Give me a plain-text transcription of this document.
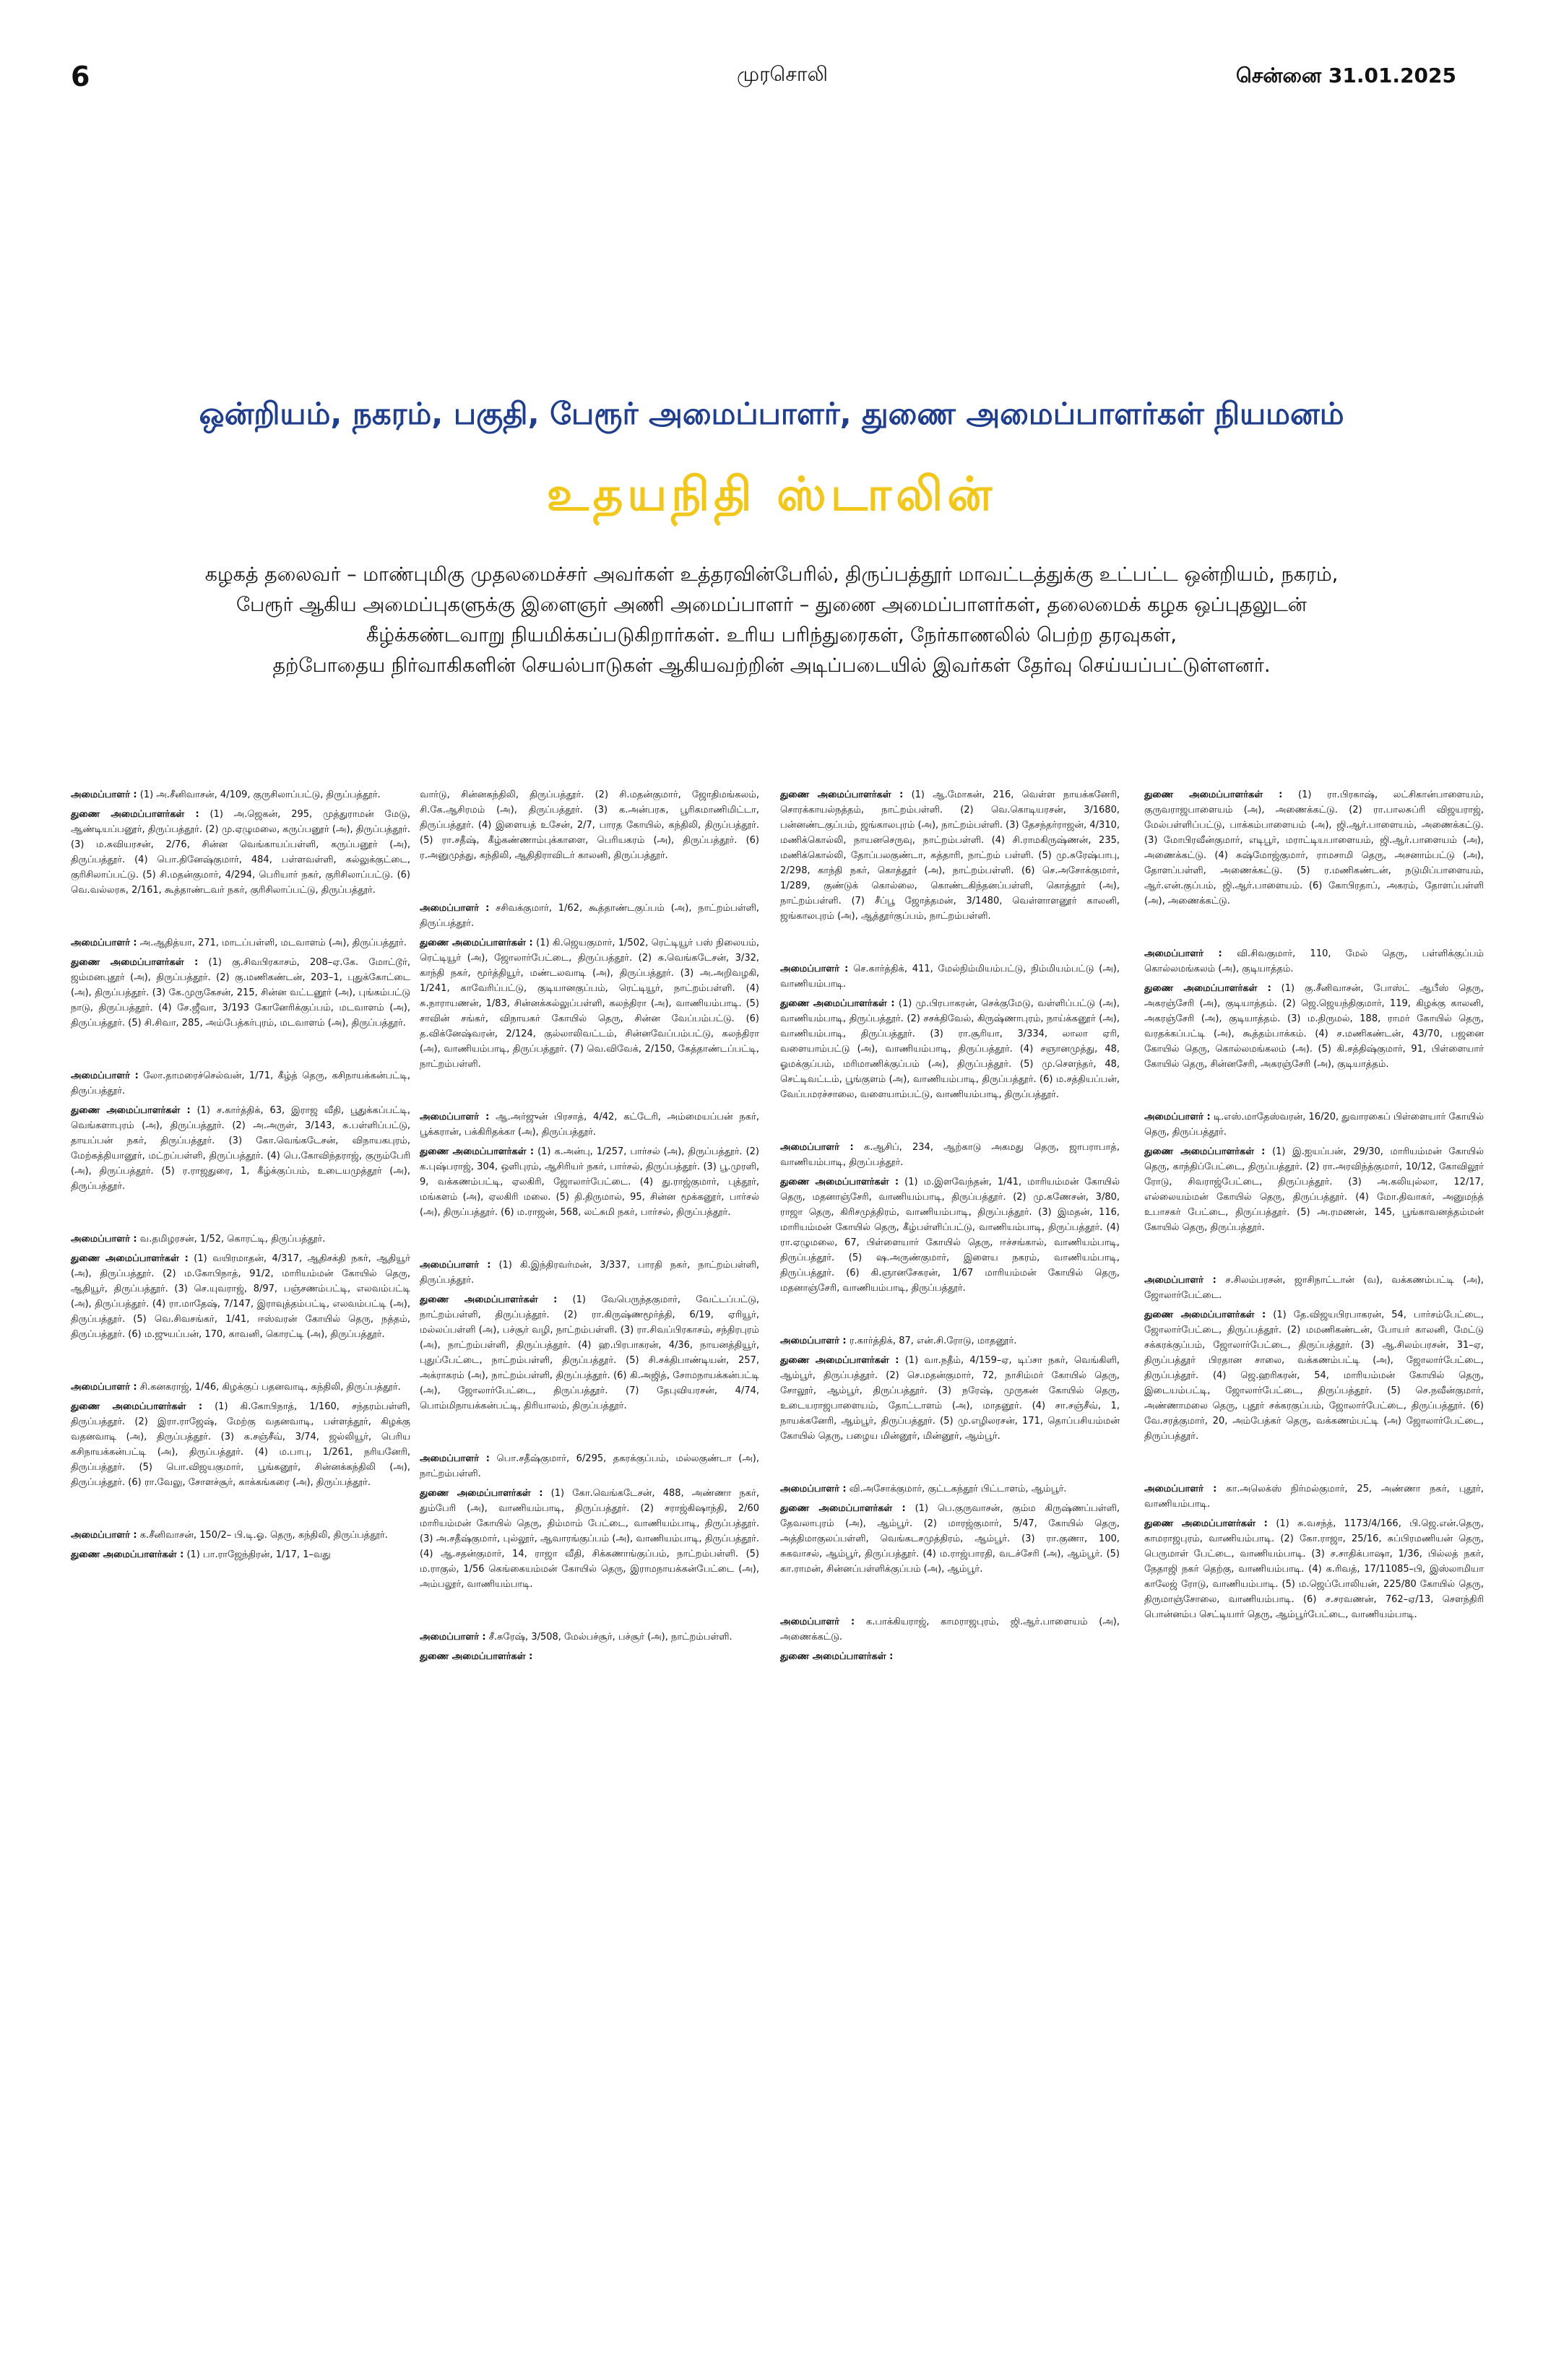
6	முரசொலி	சென்னை 31.01.2025
ஒன்றியம், நகரம், பகுதி, பேரூர் அமைப்பாளர், துணை அமைப்பாளர்கள் நியமனம்
உதயநிதி ஸ்டாலின்
கழகத் தலைவர் – மாண்புமிகு முதலமைச்சர் அவர்கள் உத்தரவின்பேரில், திருப்பத்தூர் மாவட்டத்துக்கு உட்பட்ட ஒன்றியம், நகரம்,
பேரூர் ஆகிய அமைப்புகளுக்கு இளைஞர் அணி அமைப்பாளர் – துணை அமைப்பாளர்கள், தலைமைக் கழக ஒப்புதலுடன்
கீழ்க்கண்டவாறு நியமிக்கப்படுகிறார்கள். உரிய பரிந்துரைகள், நேர்காணலில் பெற்ற தரவுகள்,
தற்போதைய நிர்வாகிகளின் செயல்பாடுகள் ஆகியவற்றின் அடிப்படையில் இவர்கள் தேர்வு செய்யப்பட்டுள்ளனர்.

அமைப்பாளர் : (1) அ.சீனிவாசன், 4/109, குருசிலாப்பட்டு, திருப்பத்தூர்.

துணை அமைப்பாளர்கள் : (1) அ.ஜெகன், 295, முத்துராமன் மேடு, ஆண்டியப்பனூர், திருப்பத்தூர். (2) மு.ஏழுமலை, கருப்பனூர் (அ), திருப்பத்தூர். (3) ம.சுவியரசன், 2/76, சின்ன வெங்காயப்பள்ளி, கருப்பனூர் (அ), திருப்பத்தூர். (4) பொ.தினேஷ்குமார், 484, பள்ளவள்ளி, கல்லுக்குட்டை, குரிசிலாப்பட்டு. (5) சி.மதன்குமார், 4/294, பெரியார் நகர், குரிசிலாப்பட்டு. (6) வெ.வல்லரசு, 2/161, கூத்தாண்டவர் நகர், குரிசிலாப்பட்டு, திருப்பத்தூர்.

அமைப்பாளர் : அ.ஆதித்யா, 271, மாடப்பள்ளி, மடவாளம் (அ), திருப்பத்தூர்.

துணை அமைப்பாளர்கள் : (1) கு.சிவபிரகாசம், 208–ஏ.கே. மோட்டூர், ஜம்மனபுதூர் (அ), திருப்பத்தூர். (2) கு.மணிகண்டன், 203–1, புதுக்கோட்டை (அ), திருப்பத்தூர். (3) கே.முருகேசன், 215, சின்ன வட்டனூர் (அ), புங்கம்பட்டு நாடு, திருப்பத்தூர். (4) சே.ஜீவா, 3/193 கோனேரிக்குப்பம், மடவாளம் (அ), திருப்பத்தூர். (5) சி.சிவா, 285, அம்பேத்கர்புரம், மடவாளம் (அ), திருப்பத்தூர்.

அமைப்பாளர் : லோ.தாமரைச்செல்வன், 1/71, கீழ்த் தெரு, கசிநாயக்கன்பட்டி, திருப்பத்தூர்.

துணை அமைப்பாளர்கள் : (1) ச.கார்த்திக், 63, இராஜ வீதி, பூதுக்கப்பட்டி, வெங்களாபுரம் (அ), திருப்பத்தூர். (2) அ.அருள், 3/143, சு.பள்ளிப்பட்டு, தாயப்பன் நகர், திருப்பத்தூர். (3) கோ.வெங்கடேசன், விநாயகபுரம், மேற்கத்தியானூர், மட்றப்பள்ளி, திருப்பத்தூர். (4) பெ.கோவிந்தராஜ், குரும்பேரி (அ), திருப்பத்தூர். (5) ர.ராஜதுரை, 1, கீழ்க்குப்பம், உடையமுத்தூர் (அ), திருப்பத்தூர்.

அமைப்பாளர் : வ.தமிழரசன், 1/52, கொரட்டி, திருப்பத்தூர்.

துணை அமைப்பாளர்கள் : (1) வயிரமாதன், 4/317, ஆதிசக்தி நகர், ஆதியூர் (அ), திருப்பத்தூர். (2) ம.கோபிநாத், 91/2, மாரியம்மன் கோயில் தெரு, ஆதியூர், திருப்பத்தூர். (3) செ.யுவராஜ், 8/97, பஞ்சணம்பட்டி, எலவம்பட்டி (அ), திருப்பத்தூர். (4) ரா.மாதேஷ், 7/147, இராவுத்தம்பட்டி, எலவம்பட்டி (அ), திருப்பத்தூர். (5) வெ.சிவசங்கர், 1/41, ஈஸ்வரன் கோயில் தெரு, நத்தம், திருப்பத்தூர். (6) ம.ஜுயப்பன், 170, காவனி, கொரட்டி (அ), திருப்பத்தூர்.

அமைப்பாளர் : சி.கனகராஜ், 1/46, கிழக்குப் பதனவாடி, கந்திலி, திருப்பத்தூர்.

துணை அமைப்பாளர்கள் : (1) கி.கோபிநாத், 1/160, சந்தரம்பள்ளி, திருப்பத்தூர். (2) இரா.ராஜேஷ், மேற்கு வதனவாடி, பள்ளத்தூர், கிழக்கு வதனவாடி (அ), திருப்பத்தூர். (3) க.சஞ்சீவ், 3/74, ஜல்லியூர், பெரிய கசிநாயக்கன்பட்டி (அ), திருப்பத்தூர். (4) ம.பாபு, 1/261, நரியனேரி, திருப்பத்தூர். (5) பொ.விஜயகுமார், பூங்கனூர், சின்னக்கந்திலி (அ), திருப்பத்தூர். (6) ரா.வேலு, சோளச்சூர், காக்கங்கரை (அ), திருப்பத்தூர்.

அமைப்பாளர் : க.சீனிவாசன், 150/2– பி.டி.ஓ. தெரு, கந்திலி, திருப்பத்தூர்.

துணை அமைப்பாளர்கள் : (1) பா.ராஜேந்திரன், 1/17, 1–வது

வார்டு, சின்னகந்திலி, திருப்பத்தூர். (2) சி.மதன்குமார், ஜோதிமங்கலம், சி.கே.ஆசிரமம் (அ), திருப்பத்தூர். (3) க.அன்பரசு, பூரிகமாணிமிட்டா, திருப்பத்தூர். (4) இளையத் உசேன், 2/7, பாரத கோயில், கந்திலி, திருப்பத்தூர். (5) ரா.சதீஷ், கீழ்கண்ணாம்புக்காளை, பெரியகரம் (அ), திருப்பத்தூர். (6) ர.அனுமுத்து, கந்திலி, ஆதிதிராவிடர் காலனி, திருப்பத்தூர்.

அமைப்பாளர் : சசிவக்குமார், 1/62, கூத்தாண்டகுப்பம் (அ), நாட்றம்பள்ளி, திருப்பத்தூர்.

துணை அமைப்பாளர்கள் : (1) கி.ஜெயகுமார், 1/502, ரெட்டியூர் பஸ் நிலையம், ரெட்டியூர் (அ), ஜோலார்பேட்டை, திருப்பத்தூர். (2) சு.வெங்கடேசன், 3/32, காந்தி நகர், மூர்த்தியூர், மண்டலவாடி (அ), திருப்பத்தூர். (3) அ.அறிவழகி, 1/241, காவேரிப்பட்டு, குடியானகுப்பம், ரெட்டியூர், நாட்றம்பள்ளி. (4) சு.நாராயணன், 1/83, சின்னக்கல்லுப்பள்ளி, கலந்திரா (அ), வாணியம்பாடி. (5) சாவின் சங்கர், விநாயகர் கோயில் தெரு, சின்ன வேப்பம்பட்டு. (6) த.விக்னேஷ்வரன், 2/124, குல்லாலிவட்டம், சின்னவேப்பம்பட்டு, கலந்திரா (அ), வாணியம்பாடி, திருப்பத்தூர். (7) வெ.விவேக், 2/150, கேத்தாண்டப்பட்டி, நாட்றம்பள்ளி.

அமைப்பாளர் : ஆ.அர்ஜுன் பிரசாத், 4/42, கட்டேரி, அம்மையப்பன் நகர், பூக்கரான், பக்கிரிதக்கா (அ), திருப்பத்தூர்.

துணை அமைப்பாளர்கள் : (1) க.அன்பு, 1/257, பார்சல் (அ), திருப்பத்தூர். (2) க.புஷ்பராஜ், 304, ஒளிபுரம், ஆசிரியர் நகர், பார்சல், திருப்பத்தூர். (3) பூ.முரளி, 9, வக்கணம்பட்டி, ஏலகிரி, ஜோலார்பேட்டை. (4) து.ராஜ்குமார், புத்தூர், மங்களம் (அ), ஏலகிரி மலை. (5) தி.திருமால், 95, சின்ன மூக்கனூர், பார்சல் (அ), திருப்பத்தூர். (6) ம.ராஜன், 568, லட்சுமி நகர், பார்சல், திருப்பத்தூர்.

அமைப்பாளர் : (1) கி.இந்திரவர்மன், 3/337, பாரதி நகர், நாட்றம்பள்ளி, திருப்பத்தூர்.

துணை அமைப்பாளர்கள் : (1) வேபெருந்தகுமார், வேட்டப்பட்டு, நாட்றம்பள்ளி, திருப்பத்தூர். (2) ரா.கிருஷ்ணமூர்த்தி, 6/19, ஏரியூர், மல்லப்பள்ளி (அ), பச்சூர் வழி, நாட்றம்பள்ளி. (3) ரா.சிவப்பிரகாசம், சந்திரபுரம் (அ), நாட்றம்பள்ளி, திருப்பத்தூர். (4) ஹ.பிரபாகரன், 4/36, நாயனத்தியூர், புதுப்பேட்டை, நாட்றம்பள்ளி, திருப்பத்தூர். (5) சி.சக்திபாண்டியன், 257, அக்ராகரம் (அ), நாட்றம்பள்ளி, திருப்பத்தூர். (6) கி.அஜித், சோமநாயக்கன்பட்டி (அ), ஜோலார்பேட்டை, திருப்பத்தூர். (7) தேபுவியரசன், 4/74, பொம்மிநாயக்கன்பட்டி, திரியாலம், திருப்பத்தூர்.

அமைப்பாளர் : பொ.சதீஷ்குமார், 6/295, தகரக்குப்பம், மல்லகுண்டா (அ), நாட்றம்பள்ளி.

துணை அமைப்பாளர்கள் : (1) கோ.வெங்கடேசன், 488, அண்ணா நகர், தும்பேரி (அ), வாணியம்பாடி, திருப்பத்தூர். (2) சராஜ்கிஷாந்தி, 2/60 மாரியம்மன் கோயில் தெரு, திம்மாம் பேட்டை, வாணியம்பாடி, திருப்பத்தூர். (3) அ.சதீஷ்குமார், புல்லூர், ஆவாரங்குப்பம் (அ), வாணியம்பாடி, திருப்பத்தூர். (4) ஆ.சதன்குமார், 14, ராஜா வீதி, சிக்கணாங்குப்பம், நாட்றம்பள்ளி. (5) ம.ராகுல், 1/56 கெங்கையம்மன் கோயில் தெரு, இராமநாயக்கன்பேட்டை (அ), அம்பலூர், வாணியம்பாடி.

அமைப்பாளர் : சீ.சுரேஷ், 3/508, மேல்பச்சூர், பச்சூர் (அ), நாட்றம்பள்ளி.

துணை அமைப்பாளர்கள் :

துணை அமைப்பாளர்கள் : (1) ஆ.மோகன், 216, வெள்ள நாயக்கனேரி, சொரக்காயல்நத்தம், நாட்றம்பள்ளி. (2) வெ.கொடியரசன், 3/1680, பன்னண்டகுப்பம், ஜங்காலபுரம் (அ), நாட்றம்பள்ளி. (3) தேசந்தர்ராஜன், 4/310, மணிக்கொல்லி, நாயனசெருவு, நாட்றம்பள்ளி. (4) சி.ராமகிருஷ்ணன், 235, மணிக்கொல்லி, தோப்பலகுண்டா, கத்தாரி, நாட்றம் பள்ளி. (5) மு.சுரேஷ்பாபு, 2/298, காந்தி நகர், கொத்தூர் (அ), நாட்றம்பள்ளி. (6) செ.அசோக்குமார், 1/289, குண்டுக் கொல்லை, கொண்டகிந்தனப்பள்ளி, கொத்தூர் (அ), நாட்றம்பள்ளி. (7) சீப்பூ ஜோத்தமன், 3/1480, வெள்ளாளனூர் காலனி, ஜங்காலபுரம் (அ), ஆத்தூர்குப்பம், நாட்றம்பள்ளி.

அமைப்பாளர் : செ.கார்த்திக், 411, மேல்நிம்மியம்பட்டு, நிம்மியம்பட்டு (அ), வாணியம்பாடி.

துணை அமைப்பாளர்கள் : (1) மு.பிரபாகரன், செக்குமேடு, வள்ளிப்பட்டு (அ), வாணியம்பாடி, திருப்பத்தூர். (2) சசக்திவேல், கிருஷ்ணாபுரம், நாய்க்கனூர் (அ), வாணியம்பாடி, திருப்பத்தூர். (3) ரா.சூரியா, 3/334, லாலா ஏரி, வளையாம்பட்டு (அ), வாணியம்பாடி, திருப்பத்தூர். (4) சஞானமுத்து, 48, ஓமக்குப்பம், மரிமாணிக்குப்பம் (அ), திருப்பத்தூர். (5) மு.சௌந்தர், 48, செட்டிவட்டம், பூங்குளம் (அ), வாணியம்பாடி, திருப்பத்தூர். (6) ம.சத்தியப்பன், வேப்பமரச்சாலை, வளையாம்பட்டு, வாணியம்பாடி, திருப்பத்தூர்.

அமைப்பாளர் : க.ஆசிப், 234, ஆற்காடு அகமது தெரு, ஜாபராபாத், வாணியம்பாடி, திருப்பத்தூர்.

துணை அமைப்பாளர்கள் : (1) ம.இளவேந்தன், 1/41, மாரியம்மன் கோயில் தெரு, மதனாஞ்சேரி, வாணியம்பாடி, திருப்பத்தூர். (2) மு.கணேசன், 3/80, ராஜா தெரு, கிரிசமுத்திரம், வாணியம்பாடி, திருப்பத்தூர். (3) இமதன், 116, மாரியம்மன் கோயில் தெரு, கீழ்பள்ளிப்பட்டு, வாணியம்பாடி, திருப்பத்தூர். (4) ரா.ஏழுமலை, 67, பிள்ளையார் கோயில் தெரு, ஈச்சங்கால், வாணியம்பாடி, திருப்பத்தூர். (5) ஷ.அருண்குமார், இளைய நகரம், வாணியம்பாடி, திருப்பத்தூர். (6) கி.ஞானசேகரன், 1/67 மாரியம்மன் கோயில் தெரு, மதனாஞ்சேரி, வாணியம்பாடி, திருப்பத்தூர்.

அமைப்பாளர் : ர.கார்த்திக், 87, என்.சி.ரோடு, மாதனூர்.

துணை அமைப்பாளர்கள் : (1) வா.நதீம், 4/159–ஏ, டிப்சா நகர், வெங்கிளி, ஆம்பூர், திருப்பத்தூர். (2) செ.மதன்குமார், 72, நாசிம்மர் கோயில் தெரு, சோலூர், ஆம்பூர், திருப்பத்தூர். (3) நரேஷ், முருகன் கோயில் தெரு, உடையராஜபாளையம், தோட்டாளம் (அ), மாதனூர். (4) சா.சஞ்சீவ், 1, நாயக்கனேரி, ஆம்பூர், திருப்பத்தூர். (5) மு.எழிலரசன், 171, தொப்பசியம்மன் கோயில் தெரு, பழைய மின்னூர், மின்னூர், ஆம்பூர்.

அமைப்பாளர் : வி.அசோக்குமார், குட்டகந்தூர் பிட்டாளம், ஆம்பூர்.

துணை அமைப்பாளர்கள் : (1) பெ.குருவாசன், கும்ம கிருஷ்ணப்பள்ளி, தேவலாபுரம் (அ), ஆம்பூர். (2) மாரஜ்குமார், 5/47, கோயில் தெரு, அத்திமாகுலப்பள்ளி, வெங்கடசமுத்திரம், ஆம்பூர். (3) ரா.குணா, 100, சுகவாசல், ஆம்பூர், திருப்பத்தூர். (4) ம.ராஜ்பாரதி, வடச்சேரி (அ), ஆம்பூர். (5) கா.ராமன், சின்னப்பள்ளிக்குப்பம் (அ), ஆம்பூர்.

அமைப்பாளர் : க.பாக்கியராஜ், காமராஜபுரம், ஜி.ஆர்.பாளையம் (அ), அணைக்கட்டு.

துணை அமைப்பாளர்கள் :

துணை அமைப்பாளர்கள் : (1) ரா.பிரகாஷ், லட்சிகான்பாளையம், குருவராஜபாளையம் (அ), அணைக்கட்டு. (2) ரா.பாலசுப்ரி விஜயராஜ், மேல்பள்ளிப்பட்டு, பாக்கம்பாளையம் (அ), ஜி.ஆர்.பாளையம், அணைக்கட்டு. (3) மோபிரவீன்குமார், எடிபூர், மராட்டியபாளையம், ஜி.ஆர்.பாளையம் (அ), அணைக்கட்டு. (4) சுஷ்மோஜ்குமார், ராமசாமி தெரு, அசனாம்பட்டு (அ), தோளப்பள்ளி, அணைக்கட்டு. (5) ர.மணிகண்டன், நடுமிப்பாளையம், ஆர்.என்.குப்பம், ஜி.ஆர்.பாளையம். (6) கோபிரதாப், அகரம், தோளப்பள்ளி (அ), அணைக்கட்டு.

அமைப்பாளர் : வி.சிவகுமார், 110, மேல் தெரு, பள்ளிக்குப்பம் கொல்லமங்கலம் (அ), குடியாத்தம்.

துணை அமைப்பாளர்கள் : (1) கு.சீனிவாசன், போஸ்ட் ஆபீஸ் தெரு, அகரஞ்சேரி (அ), குடியாத்தம். (2) ஜெ.ஜெயந்திகுமார், 119, கிழக்கு காலனி, அகரஞ்சேரி (அ), குடியாத்தம். (3) ம.திருமல், 188, ராமர் கோயில் தெரு, வரதக்கப்பட்டி (அ), கூத்தம்பாக்கம். (4) ச.மணிகண்டன், 43/70, பஜனை கோயில் தெரு, கொல்லமங்கலம் (அ). (5) கி.சத்திஷ்குமார், 91, பிள்ளையார் கோயில் தெரு, சின்னசேரி, அகரஞ்சேரி (அ), குடியாத்தம்.

அமைப்பாளர் : டி.எஸ்.மாதேஸ்வரன், 16/20, துவாரகைப் பிள்ளையார் கோயில் தெரு, திருப்பத்தூர்.

துணை அமைப்பாளர்கள் : (1) இ.ஐயப்பன், 29/30, மாரியம்மன் கோயில் தெரு, காந்திப்பேட்டை, திருப்பத்தூர். (2) ரா.அரவிந்த்குமார், 10/12, கோவிலூர் ரோடு, சிவராஜ்பேட்டை, திருப்பத்தூர். (3) அ.கலியுல்லா, 12/17, எல்லையம்மன் கோயில் தெரு, திருப்பத்தூர். (4) மோ.திவாகர், அனுமந்த் உபாசகர் பேட்டை, திருப்பத்தூர். (5) அ.ரமணன், 145, பூங்காவனத்தம்மன் கோயில் தெரு, திருப்பத்தூர்.

அமைப்பாளர் : ச.சிலம்பரசன், ஜாசிநாட்டான் (வ), வக்கணம்பட்டி (அ), ஜோலார்பேட்டை.

துணை அமைப்பாளர்கள் : (1) தே.விஜயபிரபாகரன், 54, பார்சம்பேட்டை, ஜோலார்பேட்டை, திருப்பத்தூர். (2) மமணிகண்டன், போயர் காலனி, மேட்டு சக்கரக்குப்பம், ஜோலார்பேட்டை, திருப்பத்தூர். (3) ஆ.சிலம்பரசன், 31–ஏ, திருப்பத்தூர் பிரதான சாலை, வக்கணம்பட்டி (அ), ஜோலார்பேட்டை, திருப்பத்தூர். (4) ஜெ.ஹரிகரன், 54, மாரியம்மன் கோயில் தெரு, இடையம்பட்டி, ஜோலார்பேட்டை, திருப்பத்தூர். (5) செ.நவீன்குமார், அண்ணாமலை தெரு, புதூர் சக்கரகுப்பம், ஜோலார்பேட்டை, திருப்பத்தூர். (6) வே.சரத்குமார், 20, அம்பேத்கர் தெரு, வக்கணம்பட்டி (அ) ஜோலார்பேட்டை, திருப்பத்தூர்.

அமைப்பாளர் : கா.அலெக்ஸ் நிர்மல்குமார், 25, அண்ணா நகர், புதூர், வாணியம்பாடி.

துணை அமைப்பாளர்கள் : (1) சு.வசந்த், 1173/4/166, பி.ஜெ.என்.தெரு, காமராஜபுரம், வாணியம்பாடி. (2) கோ.ராஜா, 25/16, சுப்பிரமணியன் தெரு, பெருமாள் பேட்டை, வாணியம்பாடி. (3) ச.சாதிக்பாஷா, 1/36, பில்லத் நகர், நேதாஜி நகர் தெற்கு, வாணியம்பாடி. (4) க.ரிவத், 17/11085–பி, இஸ்லாமியா காலேஜ் ரோடு, வாணியம்பாடி. (5) ம.ஜெப்போலியன், 225/80 கோயில் தெரு, திருமாஞ்சோலை, வாணியம்பாடி. (6) ச.சரவணன், 762–ஏ/13, சௌந்திரி பொன்னம்ப செட்டியார் தெரு, ஆம்பூர்பேட்டை, வாணியம்பாடி.
